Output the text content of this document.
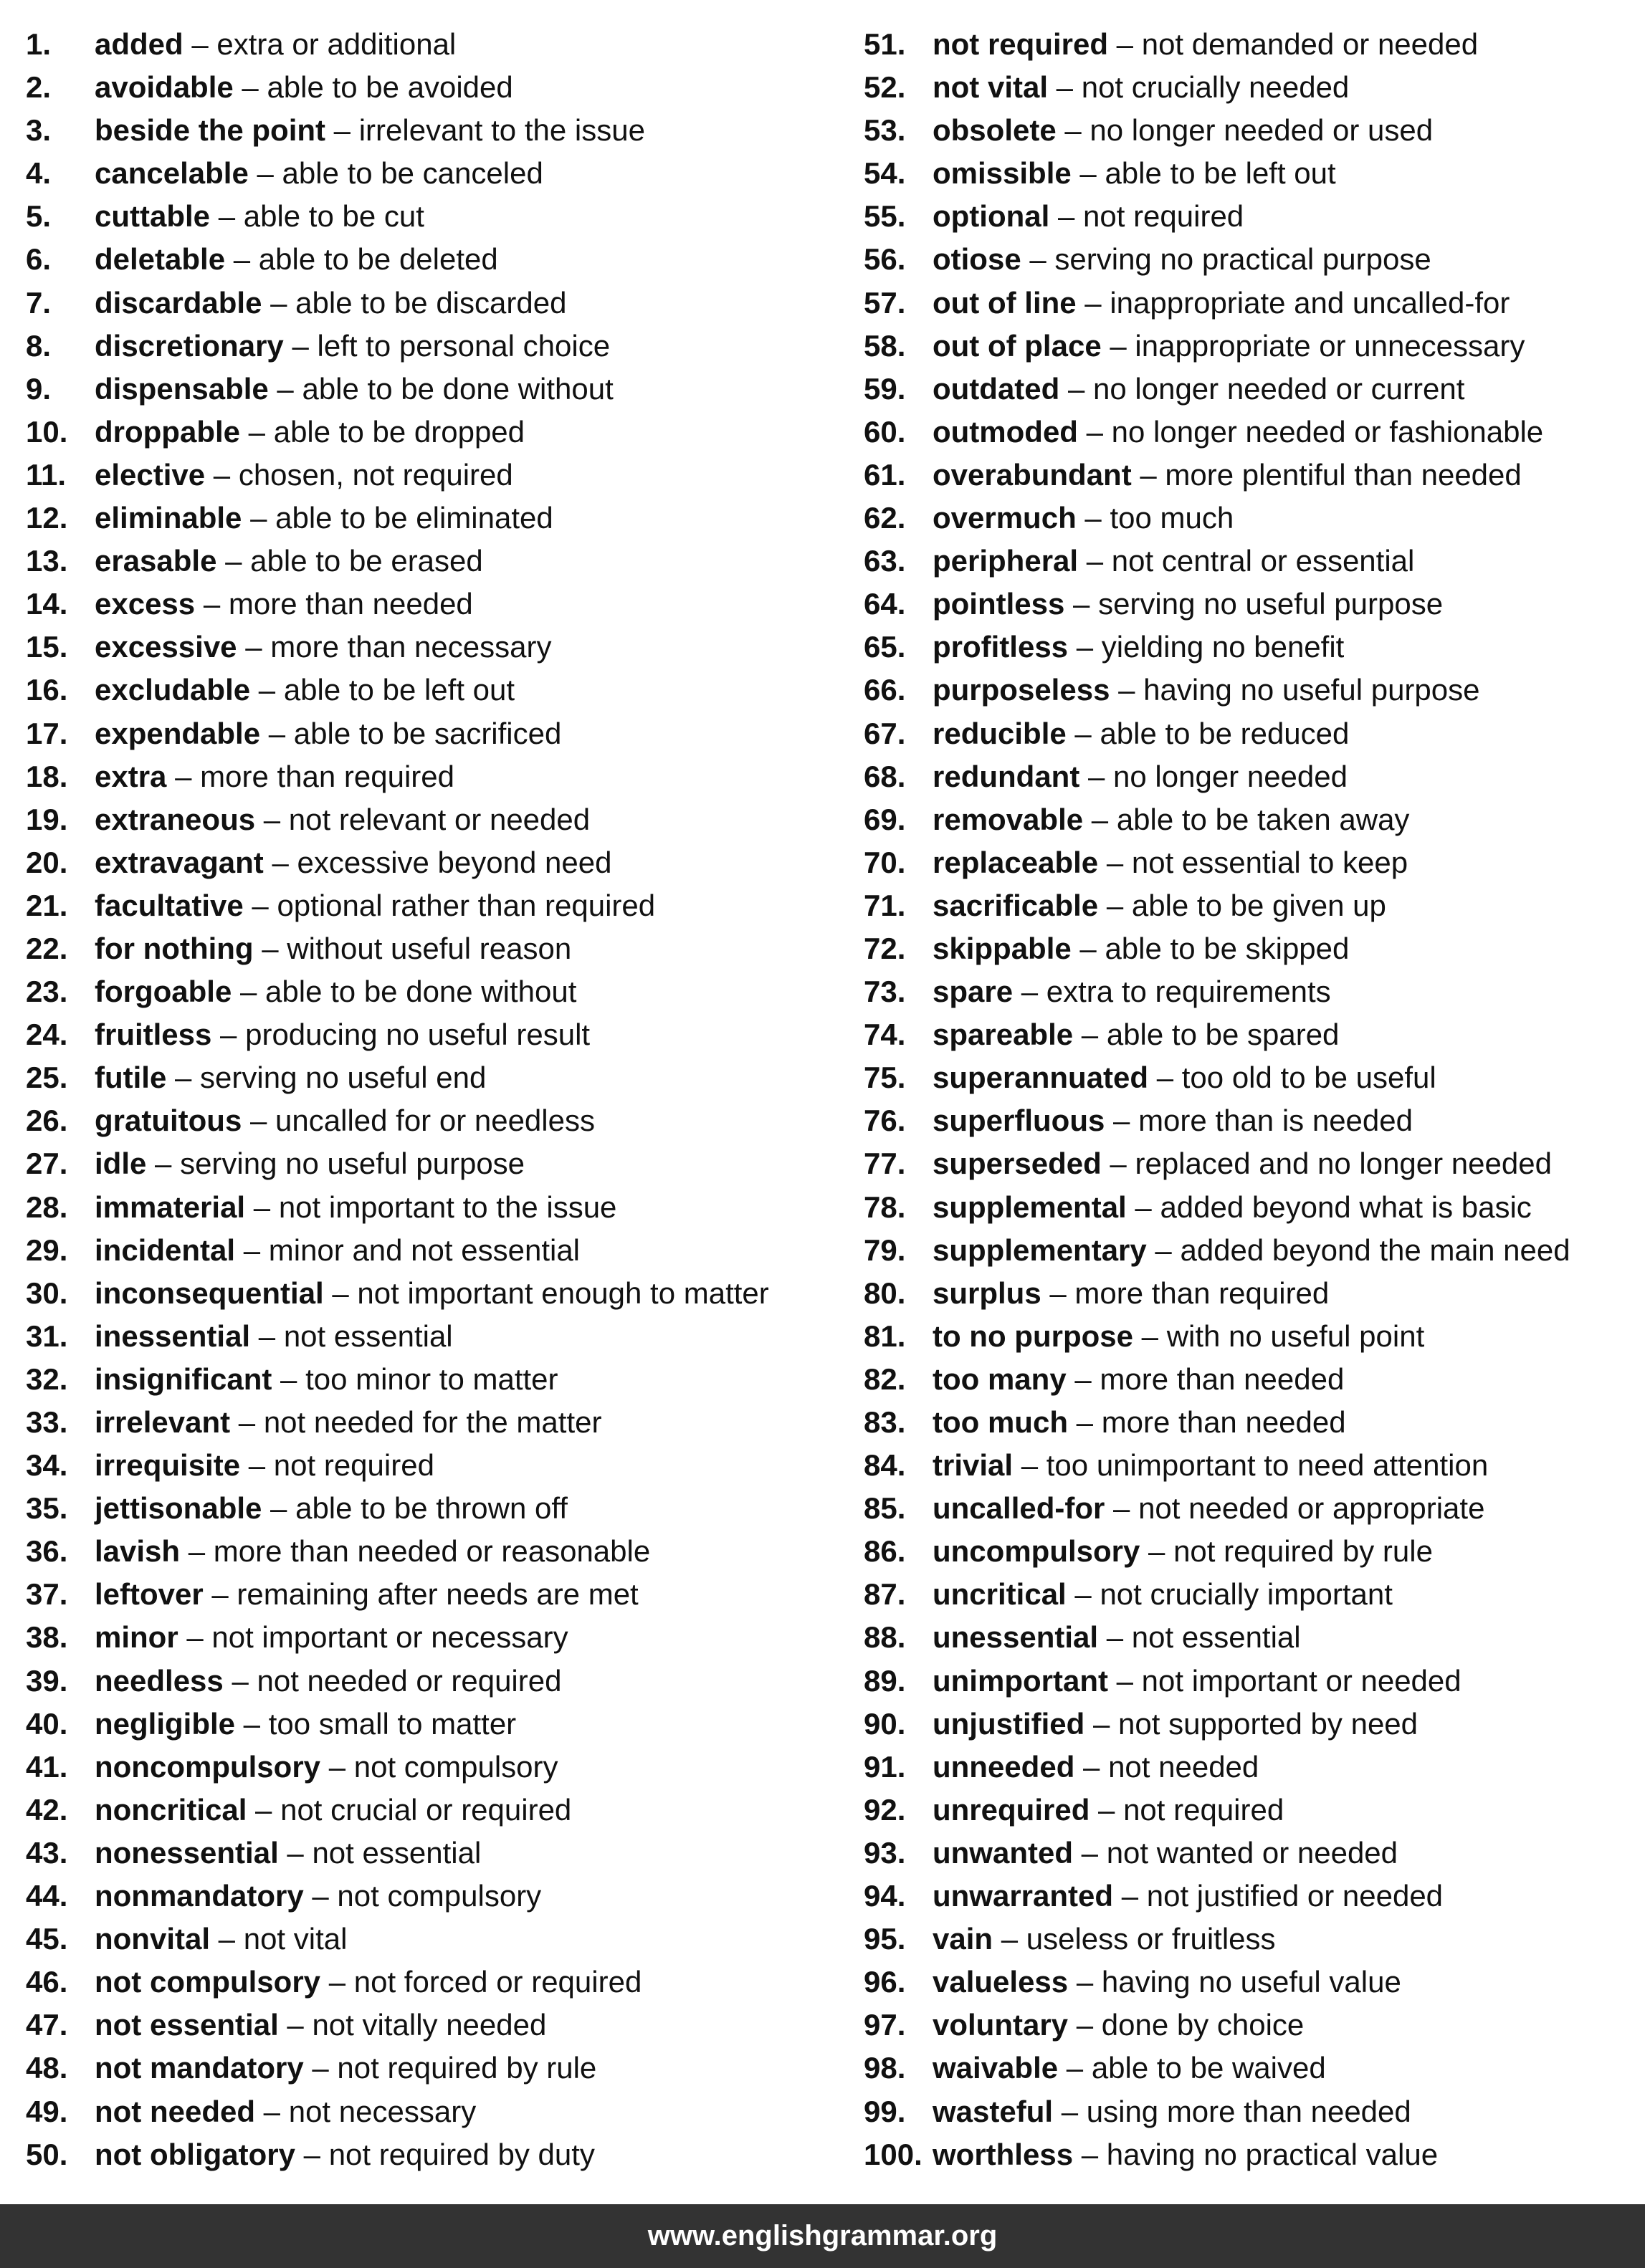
1.	added – extra or additional
2.	avoidable – able to be avoided
3.	beside the point – irrelevant to the issue
4.	cancelable – able to be canceled
5.	cuttable – able to be cut
6.	deletable – able to be deleted
7.	discardable – able to be discarded
8.	discretionary – left to personal choice
9.	dispensable – able to be done without
10. droppable – able to be dropped
11. elective – chosen, not required
12. eliminable – able to be eliminated
13. erasable – able to be erased
14. excess – more than needed
15. excessive – more than necessary
16. excludable – able to be left out
17. expendable – able to be sacrificed
18. extra – more than required
19. extraneous – not relevant or needed
20. extravagant – excessive beyond need
21. facultative – optional rather than required
22. for nothing – without useful reason
23. forgoable – able to be done without
24. fruitless – producing no useful result
25. futile – serving no useful end
26. gratuitous – uncalled for or needless
27. idle – serving no useful purpose
28. immaterial – not important to the issue
29. incidental – minor and not essential
30. inconsequential – not important enough to matter
31. inessential – not essential
32. insignificant – too minor to matter
33. irrelevant – not needed for the matter
34. irrequisite – not required
35. jettisonable – able to be thrown off
36. lavish – more than needed or reasonable
37. leftover – remaining after needs are met
38. minor – not important or necessary
39. needless – not needed or required
40. negligible – too small to matter
41. noncompulsory – not compulsory
42. noncritical – not crucial or required
43. nonessential – not essential
44. nonmandatory – not compulsory
45. nonvital – not vital
46. not compulsory – not forced or required
47. not essential – not vitally needed
48. not mandatory – not required by rule
49. not needed – not necessary
50. not obligatory – not required by duty
51. not required – not demanded or needed
52. not vital – not crucially needed
53. obsolete – no longer needed or used
54. omissible – able to be left out
55. optional – not required
56. otiose – serving no practical purpose
57. out of line – inappropriate and uncalled-for
58. out of place – inappropriate or unnecessary
59. outdated – no longer needed or current
60. outmoded – no longer needed or fashionable
61. overabundant – more plentiful than needed
62. overmuch – too much
63. peripheral – not central or essential
64. pointless – serving no useful purpose
65. profitless – yielding no benefit
66. purposeless – having no useful purpose
67. reducible – able to be reduced
68. redundant – no longer needed
69. removable – able to be taken away
70. replaceable – not essential to keep
71. sacrificable – able to be given up
72. skippable – able to be skipped
73. spare – extra to requirements
74. spareable – able to be spared
75. superannuated – too old to be useful
76. superfluous – more than is needed
77. superseded – replaced and no longer needed
78. supplemental – added beyond what is basic
79. supplementary – added beyond the main need
80. surplus – more than required
81. to no purpose – with no useful point
82. too many – more than needed
83. too much – more than needed
84. trivial – too unimportant to need attention
85. uncalled-for – not needed or appropriate
86. uncompulsory – not required by rule
87. uncritical – not crucially important
88. unessential – not essential
89. unimportant – not important or needed
90. unjustified – not supported by need
91. unneeded – not needed
92. unrequired – not required
93. unwanted – not wanted or needed
94. unwarranted – not justified or needed
95. vain – useless or fruitless
96. valueless – having no useful value
97. voluntary – done by choice
98. waivable – able to be waived
99. wasteful – using more than needed
100. worthless – having no practical value
www.englishgrammar.org
